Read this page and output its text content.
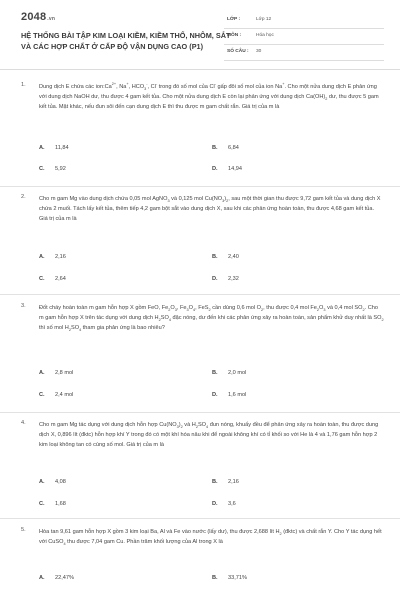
2048.vn
HỆ THỐNG BÀI TẬP KIM LOẠI KIỀM, KIỀM THỔ, NHÔM, SẮT VÀ CÁC HỢP CHẤT Ở CẤP ĐỘ VẬN DỤNG CAO (P1)
LỚP :	Lớp 12
MÔN :	Hóa học
SỐ CÂU : 30
1. Dung dịch E chứa các $ion:Ca^{2+}$, Na+, $HCO_3^-$, Cl- trong đó số mol của Cl- gấp đôi số mol của ion Na+. Cho một nửa dung dịch E phản ứng với dung dịch NaOH dư, thu được 4 gam kết tủa. Cho một nửa dung dịch E còn lại phản ứng với dung dịch $Ca(OH)_2$ dư, thu được 5 gam kết tủa. Mặt khác, nếu đun sôi đến cạn dung dịch E thì thu được m gam chất rắn. Giá trị của m là
A. 11,84	B. 6,84
C. 5,92	D. 14,94
2. Cho m gam Mg vào dung dịch chứa 0,05 mol AgNO$_3$ và 0,125 mol $Cu(NO_3)_2$, sau một thời gian thu được 9,72 gam kết tủa và dung dịch X chứa 2 muối. Tách lấy kết tủa, thêm tiếp 4,2 gam bột sắt vào dung dịch X, sau khi các phản ứng hoàn toàn, thu được 4,68 gam kết tủa. Giá trị của m là
A. 2,16	B. 2,40
C. 2,64	D. 2,32
3. Đốt cháy hoàn toàn m gam hỗn hợp X gồm FeO, $Fe_2O_3$, $Fe_3O_4$, FeS$_2$ cần dùng 0,6 mol $O_2$, thu được 0,4 mol $Fe_2O_3$ và 0,4 mol $SO_2$. Cho m gam hỗn hợp X trên tác dụng với dung dịch $H_2SO_4$ đặc nóng, dư đến khi các phản ứng xảy ra hoàn toàn, sản phẩm khử duy nhất là $SO_2$ thì số mol $H_2SO_4$ tham gia phản ứng là bao nhiêu?
A. 2,8 mol	B. 2,0 mol
C. 2,4 mol	D. 1,6 mol
4. Cho m gam Mg tác dụng với dung dịch hỗn hợp $Cu(NO_3)_2$ và $H_2SO_4$ đun nóng, khuấy đều để phản ứng xảy ra hoàn toàn, thu được dung dịch X, 0,896 lít (đktc) hỗn hợp khí Y trong đó có một khí hóa nâu khi để ngoài không khí có tỉ khối so với He là 4 và 1,76 gam hỗn hợp 2 kim loại không tan có cùng số mol. Giá trị của m là
A. 4,08	B. 2,16
C. 1,68	D. 3,6
5. Hòa tan 9,61 gam hỗn hợp X gồm 3 kim loại Ba, Al và Fe vào nước (lấy dư), thu được 2,688 lít $H_2$ (đktc) và chất rắn Y. Cho Y tác dụng hết với CuSO$_4$ thu được 7,04 gam Cu. Phần trăm khối lượng của Al trong X là
A. 22,47%	B. 33,71%
